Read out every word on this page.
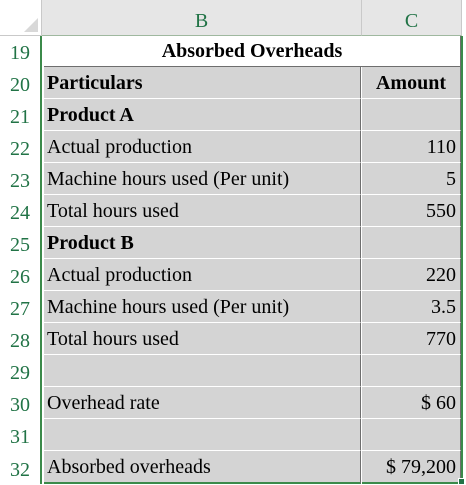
B	C
19	Absorbed Overheads
20 Particulars	Amount
21 Product A
22 Actual production	110
23 Machine hours used (Per unit)	5
24 Total hours used	550
25 Product B
26 Actual production	220
27 Machine hours used (Per unit)	3.5
28 Total hours used	770
29
30 Overhead rate	$ 60
31
32 Absorbed overheads	$ 79,200
